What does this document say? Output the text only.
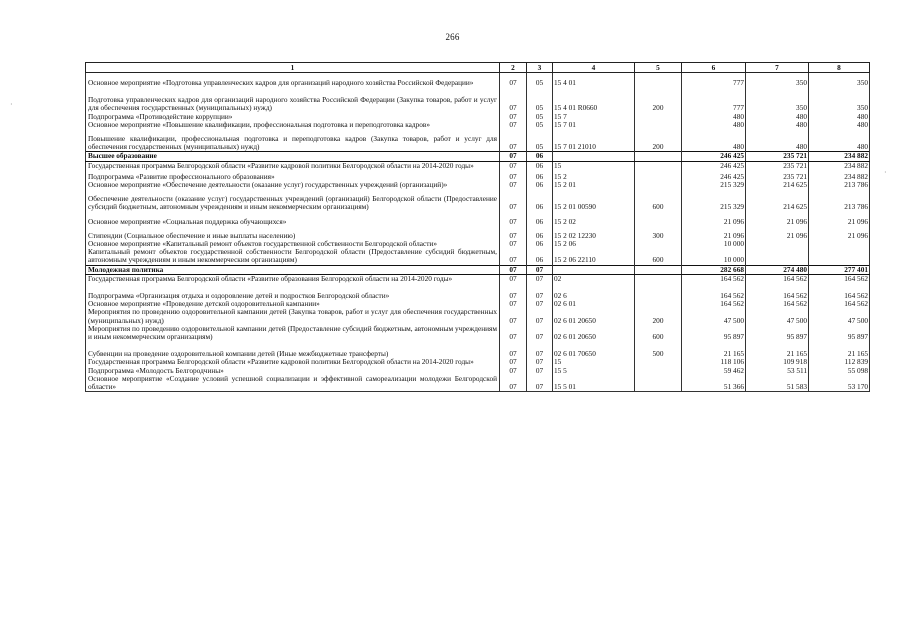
266
·
·
1	2	3	4	5	6	7	8
Основное мероприятие «Подготовка управленческих кадров для организаций народного хозяйства Российской Федерации»	07	05	15 4 01		777	350	350
Подготовка управленческих кадров для организаций народного хозяйства Российской Федерации (Закупка товаров, работ и услуг для обеспечения государственных (муниципальных) нужд)	07	05	15 4 01 R0660	200	777	350	350
Подпрограмма «Противодействие коррупции»	07	05	15 7		480	480	480
Основное мероприятие «Повышение квалификации, профессиональная подготовка и переподготовка кадров»	07	05	15 7 01		480	480	480
Повышение квалификации, профессиональная подготовка и переподготовка кадров (Закупка товаров, работ и услуг для обеспечения государственных (муниципальных) нужд)	07	05	15 7 01 21010	200	480	480	480
Высшее образование	07	06			246 425	235 721	234 882
Государственная программа Белгородской области «Развитие кадровой политики Белгородской области на 2014-2020 годы»	07	06	15		246 425	235 721	234 882
Подпрограмма «Развитие профессионального образования»	07	06	15 2		246 425	235 721	234 882
Основное мероприятие «Обеспечение деятельности (оказание услуг) государственных учреждений (организаций)»	07	06	15 2 01		215 329	214 625	213 786
Обеспечение деятельности (оказание услуг) государственных учреждений (организаций) Белгородской области (Предоставление субсидий бюджетным, автономным учреждениям и иным некоммерческим организациям)	07	06	15 2 01 00590	600	215 329	214 625	213 786
Основное мероприятие «Социальная поддержка обучающихся»	07	06	15 2 02		21 096	21 096	21 096
Стипендии (Социальное обеспечение и иные выплаты населению)	07	06	15 2 02 12230	300	21 096	21 096	21 096
Основное мероприятие «Капитальный ремонт объектов государственной собственности Белгородской области»	07	06	15 2 06		10 000		
Капитальный ремонт объектов государственной собственности Белгородской области (Предоставление субсидий бюджетным, автономным учреждениям и иным некоммерческим организациям)	07	06	15 2 06 22110	600	10 000		
Молодежная политика	07	07			282 668	274 480	277 401
Государственная программа Белгородской области «Развитие образования Белгородской области на 2014-2020 годы»	07	07	02		164 562	164 562	164 562
Подпрограмма «Организация отдыха и оздоровление детей и подростков Белгородской области»	07	07	02 6		164 562	164 562	164 562
Основное мероприятие «Проведение детской оздоровительной кампании»	07	07	02 6 01		164 562	164 562	164 562
Мероприятия по проведению оздоровительной кампании детей (Закупка товаров, работ и услуг для обеспечения государственных (муниципальных) нужд)	07	07	02 6 01 20650	200	47 500	47 500	47 500
Мероприятия по проведению оздоровительной кампании детей (Предоставление субсидий бюджетным, автономным учреждениям и иным некоммерческим организациям)	07	07	02 6 01 20650	600	95 897	95 897	95 897
Субвенции на проведение оздоровительной компании детей (Иные межбюджетные трансферты)	07	07	02 6 01 70650	500	21 165	21 165	21 165
Государственная программа Белгородской области «Развитие кадровой политики Белгородской области на 2014-2020 годы»	07	07	15		118 106	109 918	112 839
Подпрограмма «Молодость Белгородчины»	07	07	15 5		59 462	53 511	55 098
Основное мероприятие «Создание условий успешной социализации и эффективной самореализации молодежи Белгородской области»	07	07	15 5 01		51 366	51 583	53 170
